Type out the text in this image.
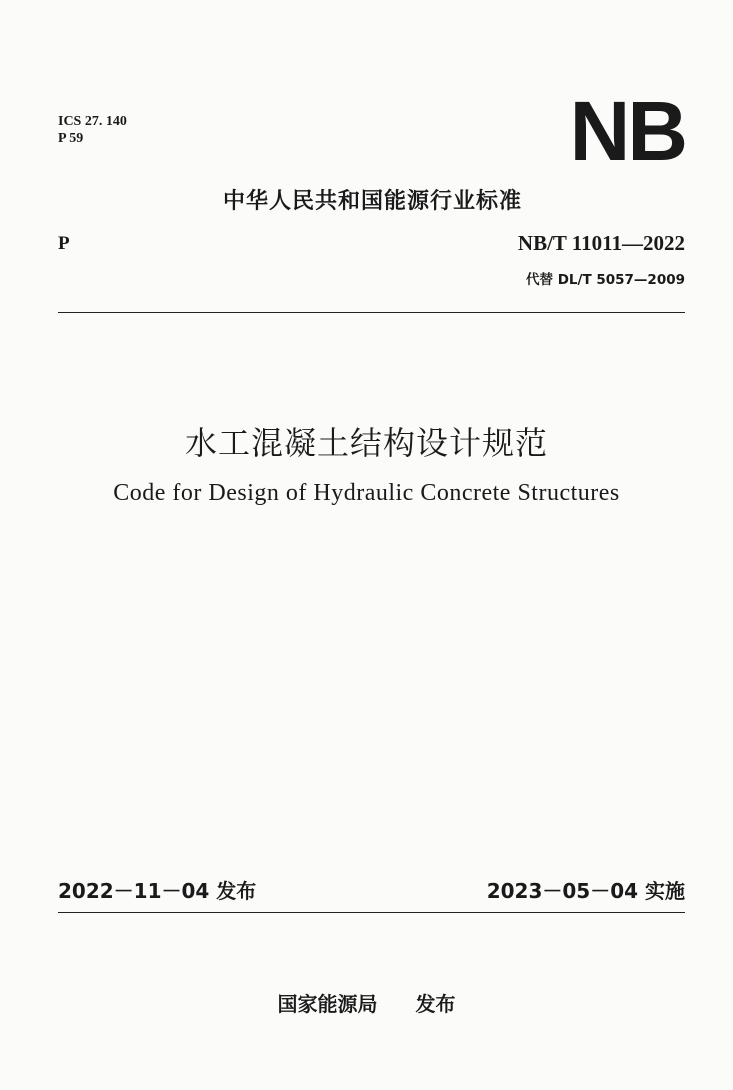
ICS 27. 140
P 59	NB
中华人民共和国能源行业标准
P	NB/T 11011—2022
代替 DL/T 5057—2009
水工混凝土结构设计规范
Code for Design of Hydraulic Concrete Structures
2022－11－04 发布	2023－05－04 实施
国家能源局 发布
